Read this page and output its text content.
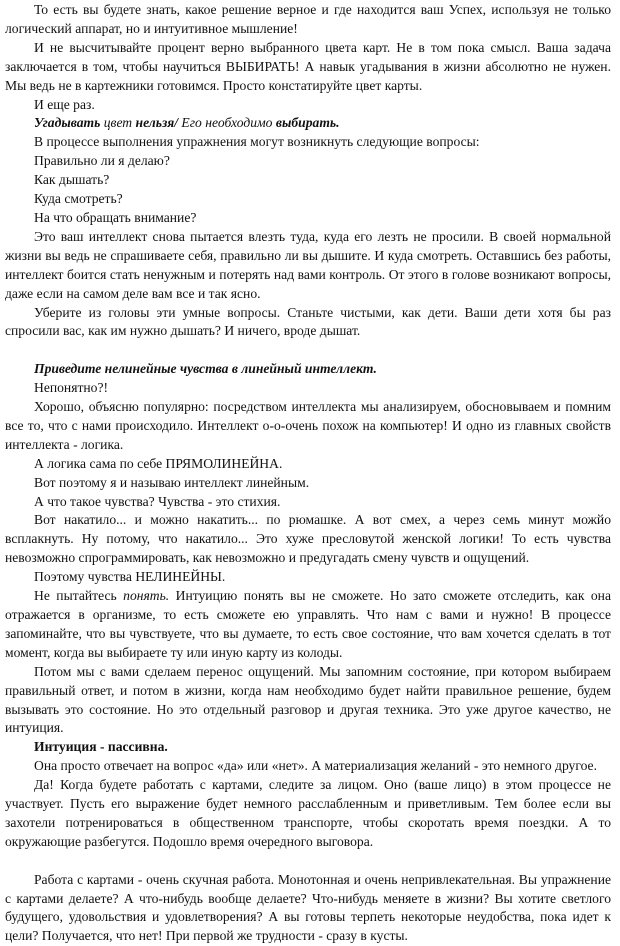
То есть вы будете знать, какое решение верное и где находится ваш Успех, используя не только логический аппарат, но и интуитивное мышление!

И не высчитывайте процент верно выбранного цвета карт. Не в том пока смысл. Ваша задача заключается в том, чтобы научиться ВЫБИРАТЬ! А навык угадывания в жизни абсолютно не нужен. Мы ведь не в картежники готовимся. Просто констатируйте цвет карты.

И еще раз.

Угадывать цвет нельзя/ Его необходимо выбирать.

В процессе выполнения упражнения могут возникнуть следующие вопросы:

Правильно ли я делаю?

Как дышать?

Куда смотреть?

На что обращать внимание?

Это ваш интеллект снова пытается влезть туда, куда его лезть не просили. В своей нормальной жизни вы ведь не спрашиваете себя, правильно ли вы дышите. И куда смотреть. Оставшись без работы, интеллект боится стать ненужным и потерять над вами контроль. От этого в голове возникают вопросы, даже если на самом деле вам все и так ясно.

Уберите из головы эти умные вопросы. Станьте чистыми, как дети. Ваши дети хотя бы раз спросили вас, как им нужно дышать? И ничего, вроде дышат.

Приведите нелинейные чувства в линейный интеллект.

Непонятно?!

Хорошо, объясню популярно: посредством интеллекта мы анализируем, обосновываем и помним все то, что с нами происходило. Интеллект о-о-очень похож на компьютер! И одно из главных свойств интеллекта - логика.

А логика сама по себе ПРЯМОЛИНЕЙНА.

Вот поэтому я и называю интеллект линейным.

А что такое чувства? Чувства - это стихия.

Вот накатило... и можно накатить... по рюмашке. А вот смех, а через семь минут можйо всплакнуть. Ну потому, что накатило... Это хуже пресловутой женской логики! То есть чувства невозможно спрограммировать, как невозможно и предугадать смену чувств и ощущений.

Поэтому чувства НЕЛИНЕЙНЫ.

Не пытайтесь понять. Интуицию понять вы не сможете. Но зато сможете отследить, как она отражается в организме, то есть сможете ею управлять. Что нам с вами и нужно! В процессе запоминайте, что вы чувствуете, что вы думаете, то есть свое состояние, что вам хочется сделать в тот момент, когда вы выбираете ту или иную карту из колоды.

Потом мы с вами сделаем перенос ощущений. Мы запомним состояние, при котором выбираем правильный ответ, и потом в жизни, когда нам необходимо будет найти правильное решение, будем вызывать это состояние. Но это отдельный разговор и другая техника. Это уже другое качество, не интуиция.

Интуиция - пассивна.

Она просто отвечает на вопрос «да» или «нет». А материализация желаний - это немного другое.

Да! Когда будете работать с картами, следите за лицом. Оно (ваше лицо) в этом процессе не участвует. Пусть его выражение будет немного расслабленным и приветливым. Тем более если вы захотели потренироваться в общественном транспорте, чтобы скоротать время поездки. А то окружающие разбегутся. Подошло время очередного выговора.

Работа с картами - очень скучная работа. Монотонная и очень непривлекательная. Вы упражнение с картами делаете? А что-нибудь вообще делаете? Что-нибудь меняете в жизни? Вы хотите светлого будущего, удовольствия и удовлетворения? А вы готовы терпеть некоторые неудобства, пока идет к цели? Получается, что нет! При первой же трудности - сразу в кусты.
